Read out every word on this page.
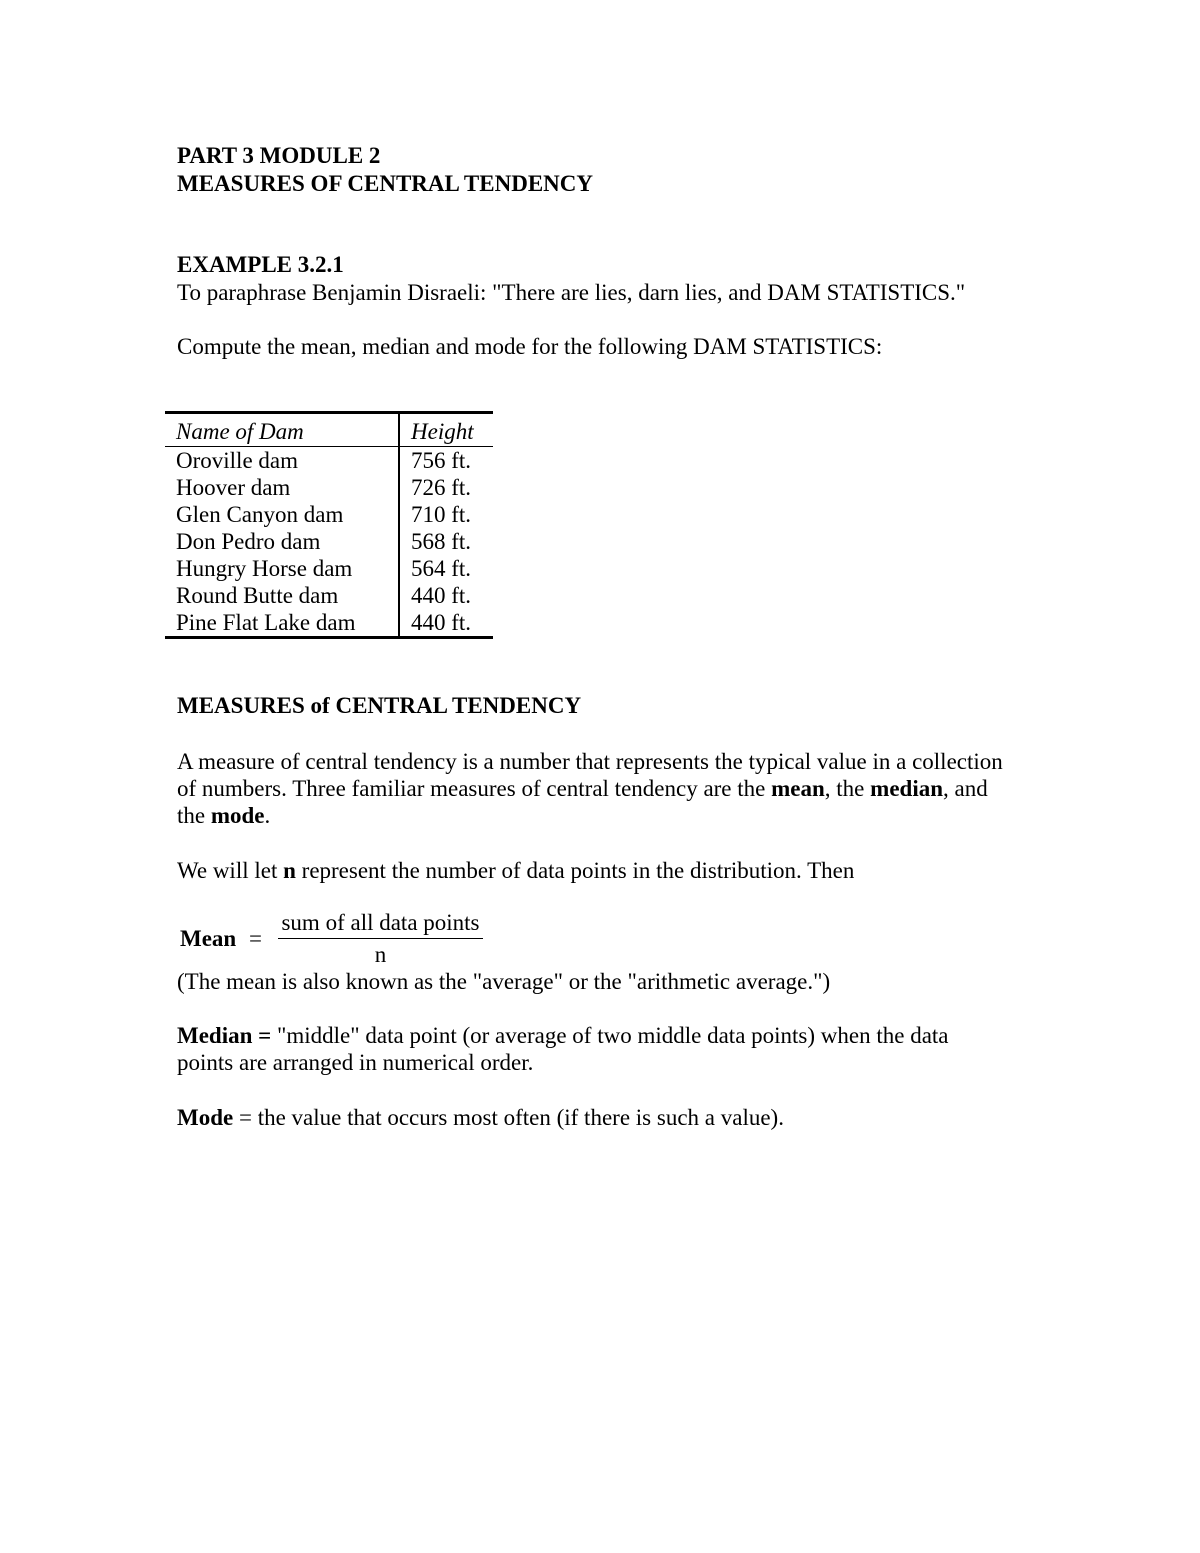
PART 3 MODULE 2
MEASURES OF CENTRAL TENDENCY
EXAMPLE 3.2.1
To paraphrase Benjamin Disraeli: "There are lies, darn lies, and DAM STATISTICS."
Compute the mean, median and mode for the following DAM STATISTICS:
Name of Dam	Height
Oroville dam	756 ft.
Hoover dam	726 ft.
Glen Canyon dam	710 ft.
Don Pedro dam	568 ft.
Hungry Horse dam	564 ft.
Round Butte dam	440 ft.
Pine Flat Lake dam	440 ft.
MEASURES of CENTRAL TENDENCY
A measure of central tendency is a number that represents the typical value in a collection
of numbers. Three familiar measures of central tendency are the mean, the median, and
the mode.
We will let n represent the number of data points in the distribution. Then
Mean =
sum of all data points
n
(The mean is also known as the "average" or the "arithmetic average.")
Median = "middle" data point (or average of two middle data points) when the data
points are arranged in numerical order.
Mode = the value that occurs most often (if there is such a value).
